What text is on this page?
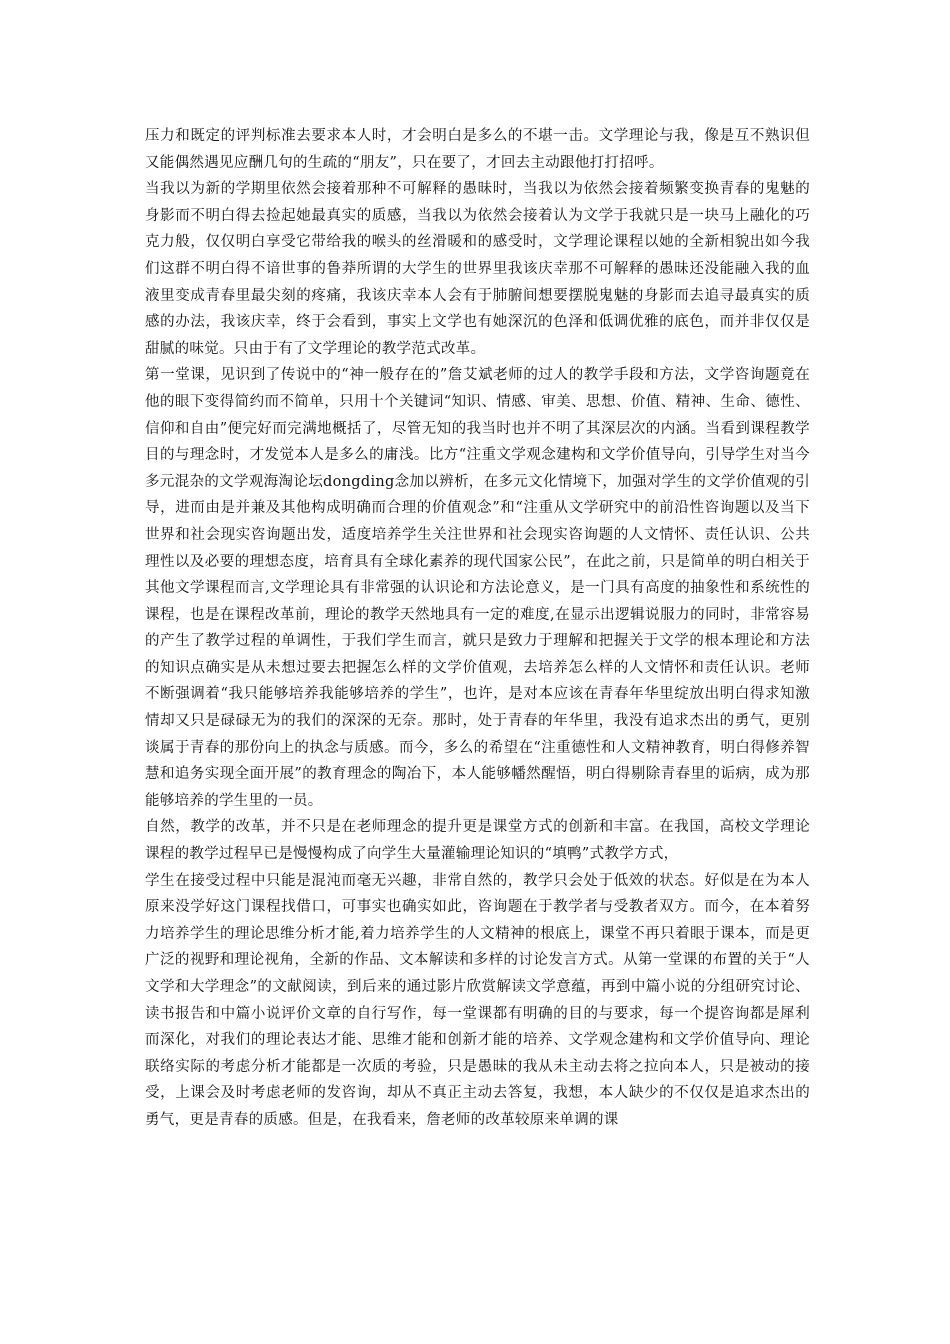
压力和既定的评判标准去要求本人时，才会明白是多么的不堪一击。文学理论与我，像是互不熟识但又能偶然遇见应酬几句的生疏的“朋友”，只在要了，才回去主动跟他打打招呼。

当我以为新的学期里依然会接着那种不可解释的愚昧时，当我以为依然会接着频繁变换青春的鬼魅的身影而不明白得去捡起她最真实的质感，当我以为依然会接着认为文学于我就只是一块马上融化的巧克力般，仅仅明白享受它带给我的喉头的丝滑暖和的感受时，文学理论课程以她的全新相貌出如今我们这群不明白得不谙世事的鲁莽所谓的大学生的世界里我该庆幸那不可解释的愚昧还没能融入我的血液里变成青春里最尖刻的疼痛，我该庆幸本人会有于肺腑间想要摆脱鬼魅的身影而去追寻最真实的质感的办法，我该庆幸，终于会看到，事实上文学也有她深沉的色泽和低调优雅的底色，而并非仅仅是甜腻的味觉。只由于有了文学理论的教学范式改革。

第一堂课，见识到了传说中的“神一般存在的”詹艾斌老师的过人的教学手段和方法，文学咨询题竟在他的眼下变得简约而不简单，只用十个关键词“知识、情感、审美、思想、价值、精神、生命、德性、信仰和自由”便完好而完满地概括了，尽管无知的我当时也并不明了其深层次的内涵。当看到课程教学目的与理念时，才发觉本人是多么的庸浅。比方“注重文学观念建构和文学价值导向，引导学生对当今多元混杂的文学观海淘论坛dongding念加以辨析，在多元文化情境下，加强对学生的文学价值观的引导，进而由是并兼及其他构成明确而合理的价值观念”和“注重从文学研究中的前沿性咨询题以及当下世界和社会现实咨询题出发，适度培养学生关注世界和社会现实咨询题的人文情怀、责任认识、公共理性以及必要的理想态度，培育具有全球化素养的现代国家公民”，在此之前，只是简单的明白相关于其他文学课程而言,文学理论具有非常强的认识论和方法论意义，是一门具有高度的抽象性和系统性的课程，也是在课程改革前，理论的教学天然地具有一定的难度,在显示出逻辑说服力的同时，非常容易的产生了教学过程的单调性，于我们学生而言，就只是致力于理解和把握关于文学的根本理论和方法的知识点确实是从未想过要去把握怎么样的文学价值观，去培养怎么样的人文情怀和责任认识。老师不断强调着“我只能够培养我能够培养的学生”，也许，是对本应该在青春年华里绽放出明白得求知激情却又只是碌碌无为的我们的深深的无奈。那时，处于青春的年华里，我没有追求杰出的勇气，更别谈属于青春的那份向上的执念与质感。而今，多么的希望在“注重德性和人文精神教育，明白得修养智慧和追务实现全面开展”的教育理念的陶冶下，本人能够幡然醒悟，明白得剔除青春里的诟病，成为那能够培养的学生里的一员。

自然，教学的改革，并不只是在老师理念的提升更是课堂方式的创新和丰富。在我国，高校文学理论课程的教学过程早已是慢慢构成了向学生大量灌输理论知识的“填鸭”式教学方式，

学生在接受过程中只能是混沌而毫无兴趣，非常自然的，教学只会处于低效的状态。好似是在为本人原来没学好这门课程找借口，可事实也确实如此，咨询题在于教学者与受教者双方。而今，在本着努力培养学生的理论思维分析才能,着力培养学生的人文精神的根底上，课堂不再只着眼于课本，而是更广泛的视野和理论视角，全新的作品、文本解读和多样的讨论发言方式。从第一堂课的布置的关于“人文学和大学理念”的文献阅读，到后来的通过影片欣赏解读文学意蕴，再到中篇小说的分组研究讨论、读书报告和中篇小说评价文章的自行写作，每一堂课都有明确的目的与要求，每一个提咨询都是犀利而深化，对我们的理论表达才能、思维才能和创新才能的培养、文学观念建构和文学价值导向、理论联络实际的考虑分析才能都是一次质的考验，只是愚昧的我从未主动去将之拉向本人，只是被动的接受，上课会及时考虑老师的发咨询，却从不真正主动去答复，我想，本人缺少的不仅仅是追求杰出的勇气，更是青春的质感。但是，在我看来，詹老师的改革较原来单调的课
